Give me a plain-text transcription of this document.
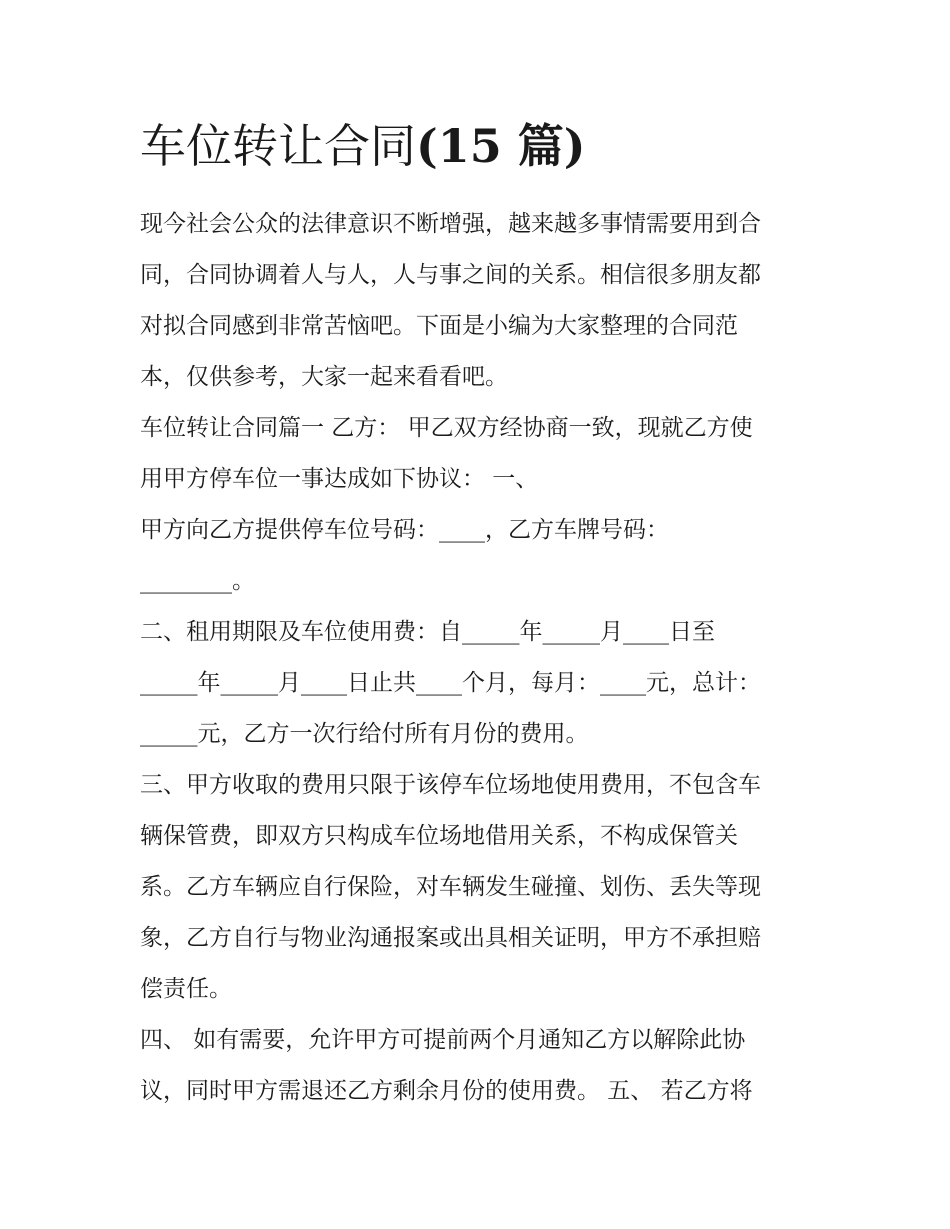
车位转让合同(15 篇)

现今社会公众的法律意识不断增强，越来越多事情需要用到合

同，合同协调着人与人，人与事之间的关系。相信很多朋友都

对拟合同感到非常苦恼吧。下面是小编为大家整理的合同范

本，仅供参考，大家一起来看看吧。

车位转让合同篇一 乙方： 甲乙双方经协商一致，现就乙方使

用甲方停车位一事达成如下协议： 一、

甲方向乙方提供停车位号码：____，乙方车牌号码：

________。

二、租用期限及车位使用费：自_____年_____月____日至

_____年_____月____日止共____个月，每月：____元，总计：

_____元，乙方一次行给付所有月份的费用。

三、甲方收取的费用只限于该停车位场地使用费用，不包含车

辆保管费，即双方只构成车位场地借用关系，不构成保管关

系。乙方车辆应自行保险，对车辆发生碰撞、划伤、丢失等现

象，乙方自行与物业沟通报案或出具相关证明，甲方不承担赔

偿责任。

四、 如有需要，允许甲方可提前两个月通知乙方以解除此协

议，同时甲方需退还乙方剩余月份的使用费。 五、 若乙方将
